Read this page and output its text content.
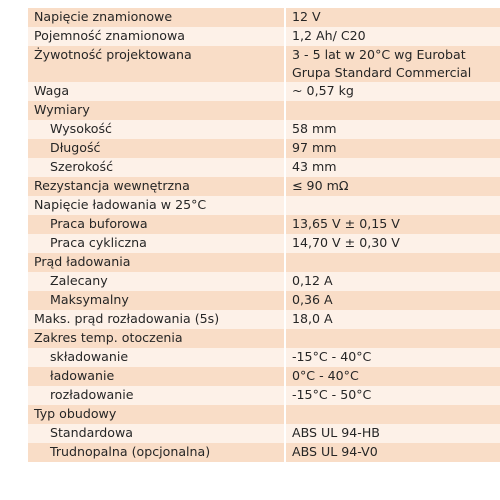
Napięcie znamionowe	12 V

Pojemność znamionowa	1,2 Ah/ C20

Żywotność projektowana	3 - 5 lat w 20°C wg Eurobat
Grupa Standard Commercial

Waga	~ 0,57 kg

Wymiary	

Wysokość	58 mm

Długość	97 mm

Szerokość	43 mm

Rezystancja wewnętrzna	≤ 90 mΩ

Napięcie ładowania w 25°C	

Praca buforowa	13,65 V ± 0,15 V

Praca cykliczna	14,70 V ± 0,30 V

Prąd ładowania	

Zalecany	0,12 A

Maksymalny	0,36 A

Maks. prąd rozładowania (5s)	18,0 A

Zakres temp. otoczenia	

składowanie	-15°C - 40°C

ładowanie	0°C - 40°C

rozładowanie	-15°C - 50°C

Typ obudowy	

Standardowa	ABS UL 94-HB

Trudnopalna (opcjonalna)	ABS UL 94-V0
